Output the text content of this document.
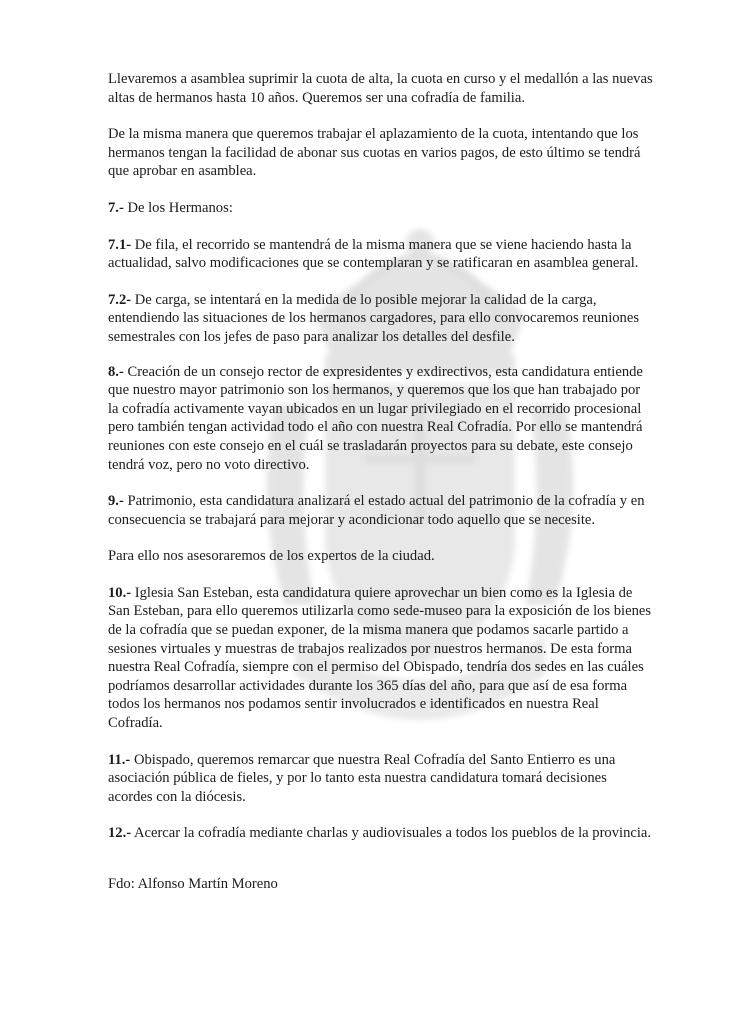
Llevaremos a asamblea suprimir la cuota de alta, la cuota en curso y el medallón a las nuevas altas de hermanos hasta 10 años. Queremos ser una cofradía de familia.

De la misma manera que queremos trabajar el aplazamiento de la cuota, intentando que los hermanos tengan la facilidad de abonar sus cuotas en varios pagos, de esto último se tendrá que aprobar en asamblea.

7.- De los Hermanos:

7.1- De fila, el recorrido se mantendrá de la misma manera que se viene haciendo hasta la actualidad, salvo modificaciones que se contemplaran y se ratificaran en asamblea general.

7.2- De carga, se intentará en la medida de lo posible mejorar la calidad de la carga, entendiendo las situaciones de los hermanos cargadores, para ello convocaremos reuniones semestrales con los jefes de paso para analizar los detalles del desfile.

8.- Creación de un consejo rector de expresidentes y exdirectivos, esta candidatura entiende que nuestro mayor patrimonio son los hermanos, y queremos que los que han trabajado por la cofradía activamente vayan ubicados en un lugar privilegiado en el recorrido procesional pero también tengan actividad todo el año con nuestra Real Cofradía. Por ello se mantendrá reuniones con este consejo en el cuál se trasladarán proyectos para su debate, este consejo tendrá voz, pero no voto directivo.

9.- Patrimonio, esta candidatura analizará el estado actual del patrimonio de la cofradía y en consecuencia se trabajará para mejorar y acondicionar todo aquello que se necesite.

Para ello nos asesoraremos de los expertos de la ciudad.

10.- Iglesia San Esteban, esta candidatura quiere aprovechar un bien como es la Iglesia de San Esteban, para ello queremos utilizarla como sede-museo para la exposición de los bienes de la cofradía que se puedan exponer, de la misma manera que podamos sacarle partido a sesiones virtuales y muestras de trabajos realizados por nuestros hermanos. De esta forma nuestra Real Cofradía, siempre con el permiso del Obispado, tendría dos sedes en las cuáles podríamos desarrollar actividades durante los 365 días del año, para que así de esa forma todos los hermanos nos podamos sentir involucrados e identificados en nuestra Real Cofradía.

11.- Obispado, queremos remarcar que nuestra Real Cofradía del Santo Entierro es una asociación pública de fieles, y por lo tanto esta nuestra candidatura tomará decisiones acordes con la diócesis.

12.- Acercar la cofradía mediante charlas y audiovisuales a todos los pueblos de la provincia.

Fdo: Alfonso Martín Moreno
